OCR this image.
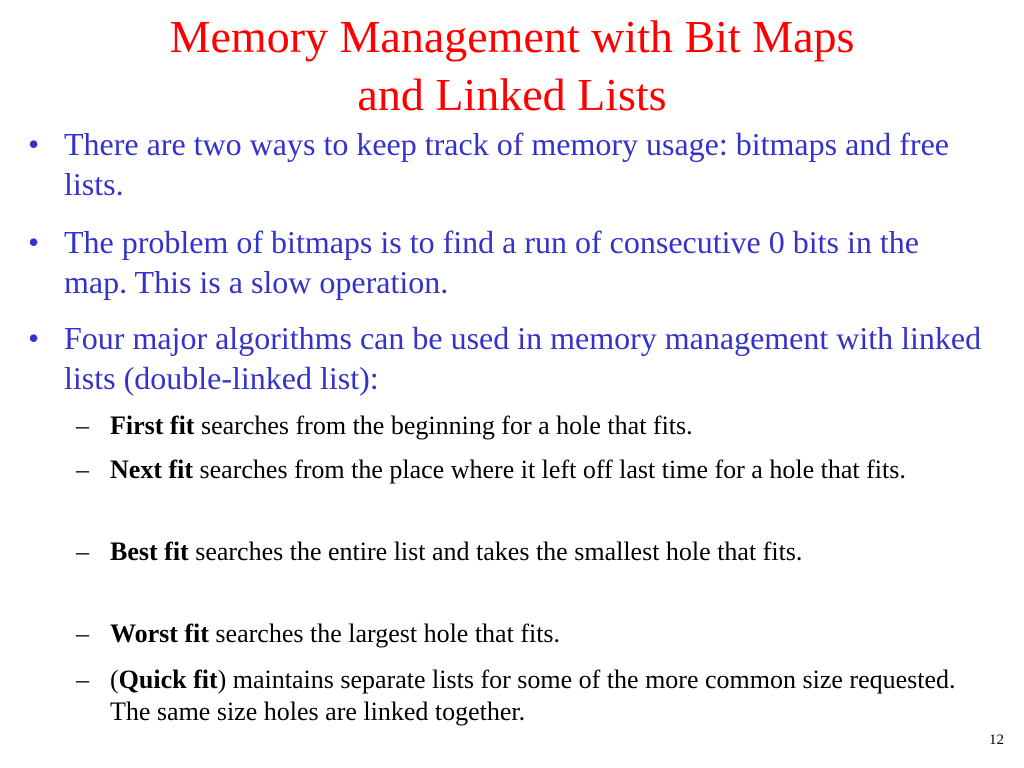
Memory Management with Bit Maps
and Linked Lists
• There are two ways to keep track of memory usage: bitmaps and free lists.
• The problem of bitmaps is to find a run of consecutive 0 bits in the map. This is a slow operation.
• Four major algorithms can be used in memory management with linked lists (double-linked list):
– First fit searches from the beginning for a hole that fits.
– Next fit searches from the place where it left off last time for a hole that fits.
– Best fit searches the entire list and takes the smallest hole that fits.
– Worst fit searches the largest hole that fits.
– (Quick fit) maintains separate lists for some of the more common size requested. The same size holes are linked together.
12
